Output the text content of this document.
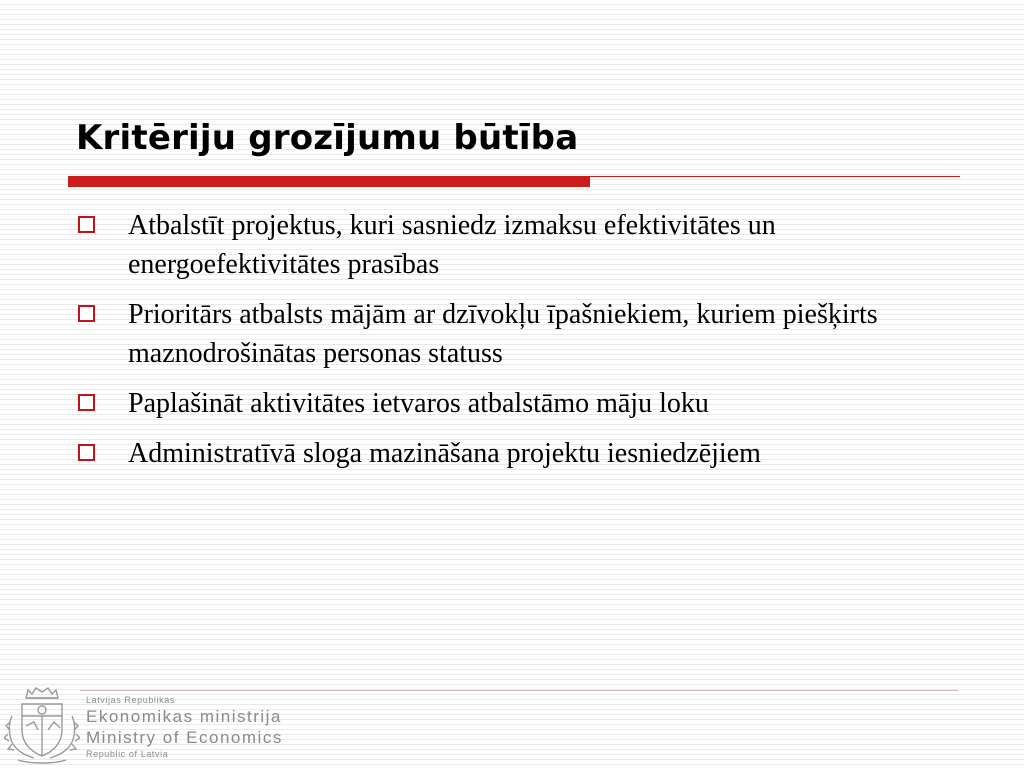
Kritēriju grozījumu būtība
Atbalstīt projektus, kuri sasniedz izmaksu efektivitātes un energoefektivitātes prasības
Prioritārs atbalsts mājām ar dzīvokļu īpašniekiem, kuriem piešķirts maznodrošinātas personas statuss
Paplašināt aktivitātes ietvaros atbalstāmo māju loku
Administratīvā sloga mazināšana projektu iesniedzējiem
Latvijas Republikas
Ekonomikas ministrija
Ministry of Economics
Republic of Latvia
